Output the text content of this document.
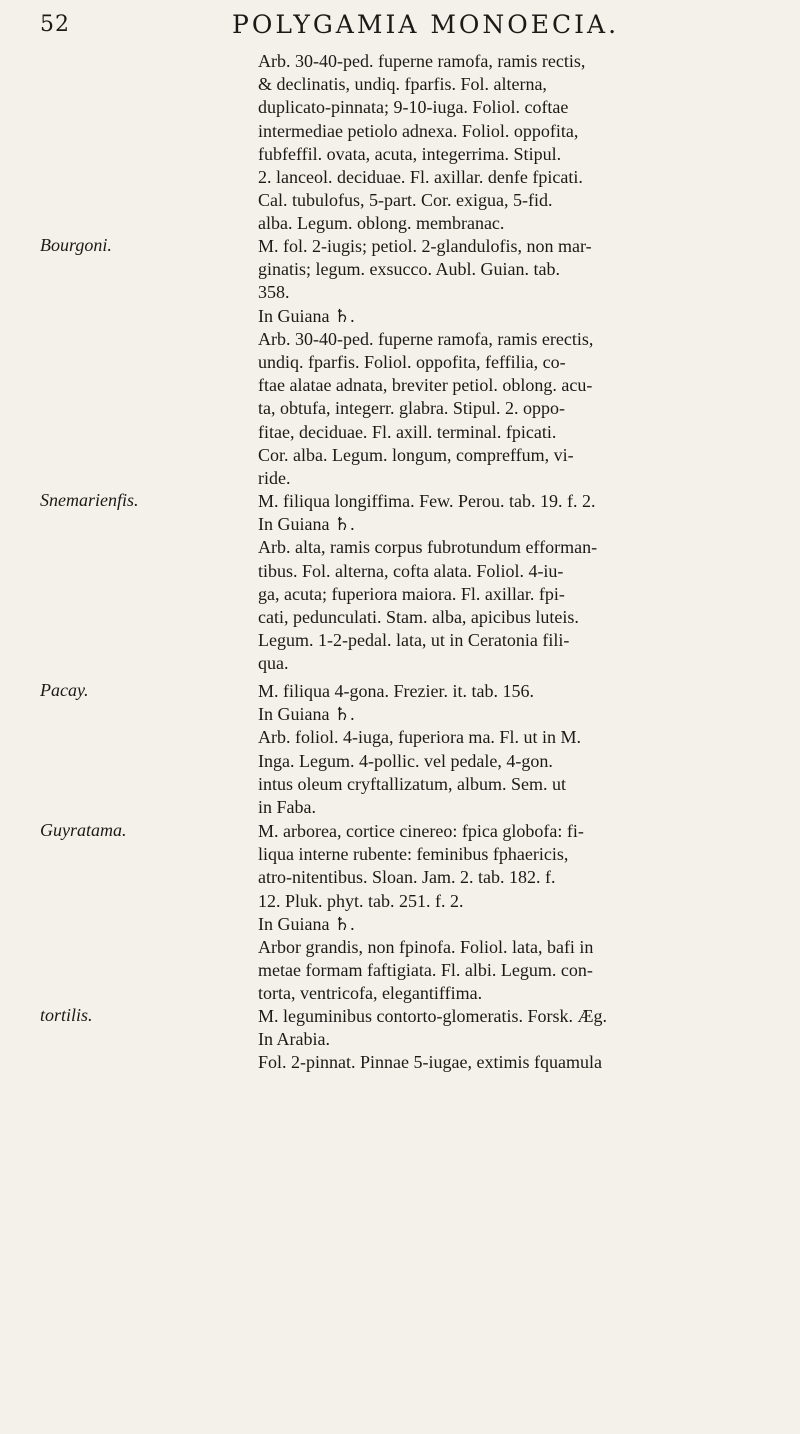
52	POLYGAMIA MONOECIA.
Arb. 30-40-ped. fuperne ramofa, ramis rectis,
& declinatis, undiq. fparfis. Fol. alterna,
duplicato-pinnata; 9-10-iuga. Foliol. coftae
intermediae petiolo adnexa. Foliol. oppofita,
fubfeffil. ovata, acuta, integerrima. Stipul.
2. lanceol. deciduae. Fl. axillar. denfe fpicati.
Cal. tubulofus, 5-part. Cor. exigua, 5-fid.
alba. Legum. oblong. membranac.
Bourgoni.	M. fol. 2-iugis; petiol. 2-glandulofis, non mar-
ginatis; legum. exsucco. Aubl. Guian. tab.
358.
In Guiana ♄.
Arb. 30-40-ped. fuperne ramofa, ramis erectis,
undiq. fparfis. Foliol. oppofita, feffilia, co-
ftae alatae adnata, breviter petiol. oblong. acu-
ta, obtufa, integerr. glabra. Stipul. 2. oppo-
fitae, deciduae. Fl. axill. terminal. fpicati.
Cor. alba. Legum. longum, compreffum, vi-
ride.
Snemarienfis.	M. filiqua longiffima. Few. Perou. tab. 19. f. 2.
In Guiana ♄.
Arb. alta, ramis corpus fubrotundum efforman-
tibus. Fol. alterna, cofta alata. Foliol. 4-iu-
ga, acuta; fuperiora maiora. Fl. axillar. fpi-
cati, pedunculati. Stam. alba, apicibus luteis.
Legum. 1-2-pedal. lata, ut in Ceratonia fili-
qua.
Pacay.	M. filiqua 4-gona. Frezier. it. tab. 156.
In Guiana ♄.
Arb. foliol. 4-iuga, fuperiora ma. Fl. ut in M.
Inga. Legum. 4-pollic. vel pedale, 4-gon.
intus oleum cryftallizatum, album. Sem. ut
in Faba.
Guyratama.	M. arborea, cortice cinereo: fpica globofa: fi-
liqua interne rubente: feminibus fphaericis,
atro-nitentibus. Sloan. Jam. 2. tab. 182. f.
12. Pluk. phyt. tab. 251. f. 2.
In Guiana ♄.
Arbor grandis, non fpinofa. Foliol. lata, bafi in
metae formam faftigiata. Fl. albi. Legum. con-
torta, ventricofa, elegantiffima.
tortilis.	M. leguminibus contorto-glomeratis. Forsk. Æg.
In Arabia.
Fol. 2-pinnat. Pinnae 5-iugae, extimis fquamula
